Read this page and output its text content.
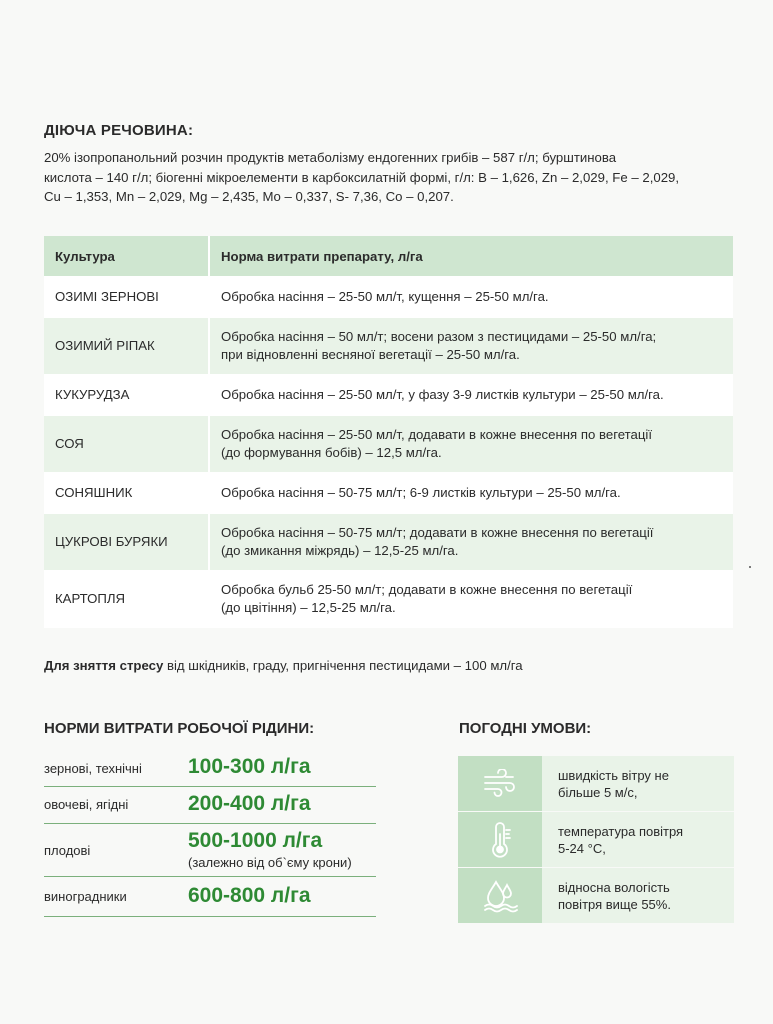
ДІЮЧА РЕЧОВИНА:

20% ізопропанольний розчин продуктів метаболізму ендогенних грибів – 587 г/л; бурштинова
кислота – 140 г/л; біогенні мікроелементи в карбоксилатній формі, г/л: B – 1,626, Zn – 2,029, Fe – 2,029,
Cu – 1,353, Mn – 2,029, Mg – 2,435, Mo – 0,337, S- 7,36, Co – 0,207.

Культура	Норма витрати препарату, л/га
ОЗИМІ ЗЕРНОВІ	Обробка насіння – 25-50 мл/т, кущення – 25-50 мл/га.
ОЗИМИЙ РІПАК	Обробка насіння – 50 мл/т; восени разом з пестицидами – 25-50 мл/га;
при відновленні весняної вегетації – 25-50 мл/га.
КУКУРУДЗА	Обробка насіння – 25-50 мл/т, у фазу 3-9 листків культури – 25-50 мл/га.
СОЯ	Обробка насіння – 25-50 мл/т, додавати в кожне внесення по вегетації
(до формування бобів) – 12,5 мл/га.
СОНЯШНИК	Обробка насіння – 50-75 мл/т; 6-9 листків культури – 25-50 мл/га.
ЦУКРОВІ БУРЯКИ	Обробка насіння – 50-75 мл/т; додавати в кожне внесення по вегетації
(до змикання міжрядь) – 12,5-25 мл/га.
КАРТОПЛЯ	Обробка бульб 25-50 мл/т; додавати в кожне внесення по вегетації
(до цвітіння) – 12,5-25 мл/га.

Для зняття стресу від шкідників, граду, пригнічення пестицидами – 100 мл/га

НОРМИ ВИТРАТИ РОБОЧОЇ РІДИНИ:
зернові, технічні 100-300 л/га
овочеві, ягідні	200-400 л/га
плодові	500-1000 л/га
(залежно від об`єму крони)
виноградники	600-800 л/га
ПОГОДНІ УМОВИ:
швидкість вітру не
більше 5 м/с,
температура повітря
5-24 °С,
відносна вологість
повітря вище 55%.
